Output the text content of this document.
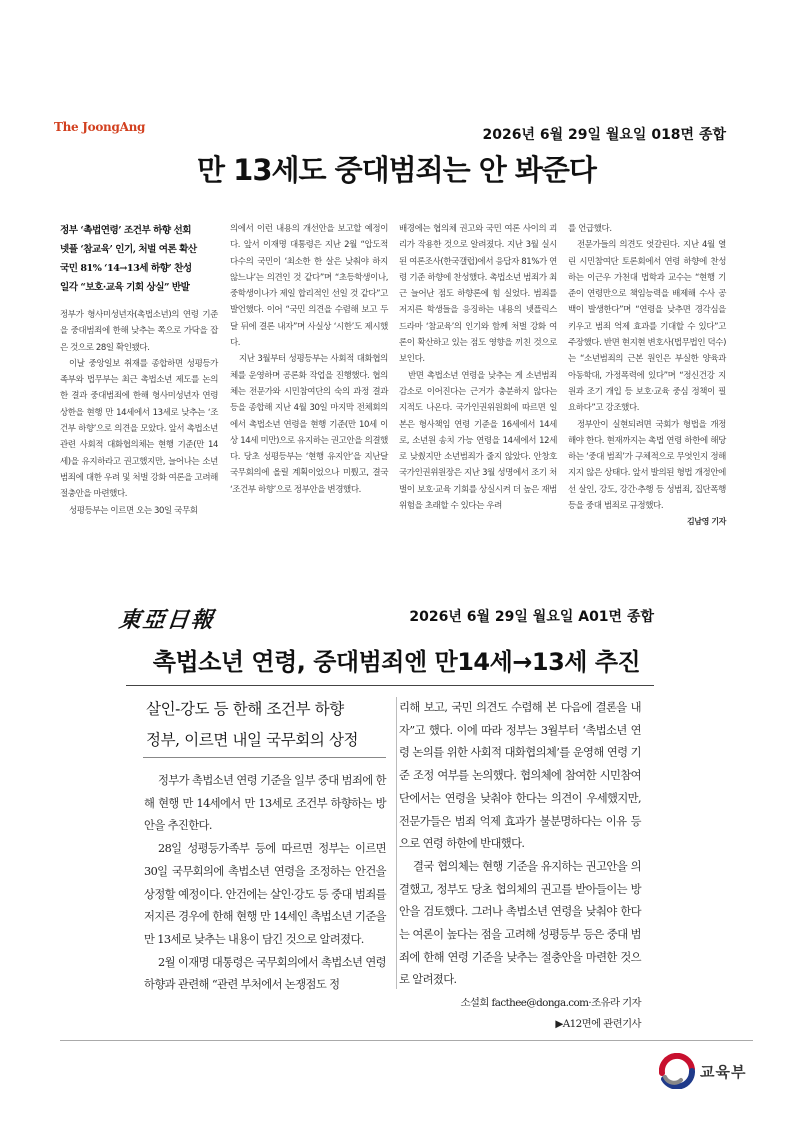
The JoongAng	2026년 6월 29일 월요일 018면 종합
만 13세도 중대범죄는 안 봐준다
정부 ‘촉법연령’ 조건부 하향 선회
넷플 ‘참교육’ 인기, 처벌 여론 확산
국민 81% ‘14→13세 하향’ 찬성
일각 “보호·교육 기회 상실” 반발

정부가 형사미성년자(촉법소년)의 연령 기준을 중대범죄에 한해 낮추는 쪽으로 가닥을 잡은 것으로 28일 확인됐다.

이날 중앙일보 취재를 종합하면 성평등가족부와 법무부는 최근 촉법소년 제도를 논의한 결과 중대범죄에 한해 형사미성년자 연령 상한을 현행 만 14세에서 13세로 낮추는 ‘조건부 하향’으로 의견을 모았다. 앞서 촉법소년 관련 사회적 대화협의체는 현행 기준(만 14세)을 유지하라고 권고했지만, 늘어나는 소년 범죄에 대한 우려 및 처벌 강화 여론을 고려해 절충안을 마련했다.

성평등부는 이르면 오는 30일 국무회

의에서 이런 내용의 개선안을 보고할 예정이다. 앞서 이재명 대통령은 지난 2월 “압도적 다수의 국민이 ‘최소한 한 살은 낮춰야 하지 않느냐’는 의견인 것 같다”며 “초등학생이나, 중학생이나가 제일 합리적인 선일 것 같다”고 발언했다. 이어 “국민 의견을 수렴해 보고 두 달 뒤에 결론 내자”며 사실상 ‘시한’도 제시했다.

지난 3월부터 성평등부는 사회적 대화협의체를 운영하며 공론화 작업을 진행했다. 협의체는 전문가와 시민참여단의 숙의 과정 결과 등을 종합해 지난 4월 30일 마지막 전체회의에서 촉법소년 연령을 현행 기준(만 10세 이상 14세 미만)으로 유지하는 권고안을 의결했다. 당초 성평등부는 ‘현행 유지안’을 지난달 국무회의에 올릴 계획이었으나 미뤘고, 결국 ‘조건부 하향’으로 정부안을 변경했다.

배경에는 협의체 권고와 국민 여론 사이의 괴리가 작용한 것으로 알려졌다. 지난 3월 실시된 여론조사(한국갤럽)에서 응답자 81%가 연령 기준 하향에 찬성했다. 촉법소년 범죄가 최근 늘어난 점도 하향론에 힘 실었다. 범죄를 저지른 학생들을 응징하는 내용의 넷플릭스 드라마 ‘참교육’의 인기와 함께 처벌 강화 여론이 확산하고 있는 점도 영향을 끼친 것으로 보인다.

반면 촉법소년 연령을 낮추는 게 소년범죄 감소로 이어진다는 근거가 충분하지 않다는 지적도 나온다. 국가인권위원회에 따르면 일본은 형사책임 연령 기준을 16세에서 14세로, 소년원 송치 가능 연령을 14세에서 12세로 낮췄지만 소년범죄가 줄지 않았다. 안창호 국가인권위원장은 지난 3월 성명에서 조기 처벌이 보호·교육 기회를 상실시켜 더 높은 재범 위험을 초래할 수 있다는 우려

를 언급했다.

전문가들의 의견도 엇갈린다. 지난 4월 열린 시민참여단 토론회에서 연령 하향에 찬성하는 이근우 가천대 법학과 교수는 “현행 기준이 연령만으로 책임능력을 배제해 수사 공백이 발생한다”며 “연령을 낮추면 경각심을 키우고 범죄 억제 효과를 기대할 수 있다”고 주장했다. 반면 현지현 변호사(법무법인 덕수)는 “소년범죄의 근본 원인은 부실한 양육과 아동학대, 가정폭력에 있다”며 “정신건강 지원과 조기 개입 등 보호·교육 중심 정책이 필요하다”고 강조했다.

정부안이 실현되려면 국회가 형법을 개정해야 한다. 현재까지는 촉법 연령 하한에 해당하는 ‘중대 범죄’가 구체적으로 무엇인지 정해지지 않은 상태다. 앞서 발의된 형법 개정안에선 살인, 강도, 강간·추행 등 성범죄, 집단폭행 등을 중대 범죄로 규정했다.

김남영 기자
東亞日報	2026년 6월 29일 월요일 A01면 종합
촉법소년 연령, 중대범죄엔 만14세→13세 추진
살인-강도 등 한해 조건부 하향
정부, 이르면 내일 국무회의 상정

정부가 촉법소년 연령 기준을 일부 중대 범죄에 한해 현행 만 14세에서 만 13세로 조건부 하향하는 방안을 추진한다.

28일 성평등가족부 등에 따르면 정부는 이르면 30일 국무회의에 촉법소년 연령을 조정하는 안건을 상정할 예정이다. 안건에는 살인·강도 등 중대 범죄를 저지른 경우에 한해 현행 만 14세인 촉법소년 기준을 만 13세로 낮추는 내용이 담긴 것으로 알려졌다.

2월 이재명 대통령은 국무회의에서 촉법소년 연령 하향과 관련해 “관련 부처에서 논쟁점도 정

리해 보고, 국민 의견도 수렴해 본 다음에 결론을 내자”고 했다. 이에 따라 정부는 3월부터 ‘촉법소년 연령 논의를 위한 사회적 대화협의체’를 운영해 연령 기준 조정 여부를 논의했다. 협의체에 참여한 시민참여단에서는 연령을 낮춰야 한다는 의견이 우세했지만, 전문가들은 범죄 억제 효과가 불분명하다는 이유 등으로 연령 하한에 반대했다.

결국 협의체는 현행 기준을 유지하는 권고안을 의결했고, 정부도 당초 협의체의 권고를 받아들이는 방안을 검토했다. 그러나 촉법소년 연령을 낮춰야 한다는 여론이 높다는 점을 고려해 성평등부 등은 중대 범죄에 한해 연령 기준을 낮추는 절충안을 마련한 것으로 알려졌다.

소설희 facthee@donga.com·조유라 기자
▶A12면에 관련기사
교육부
